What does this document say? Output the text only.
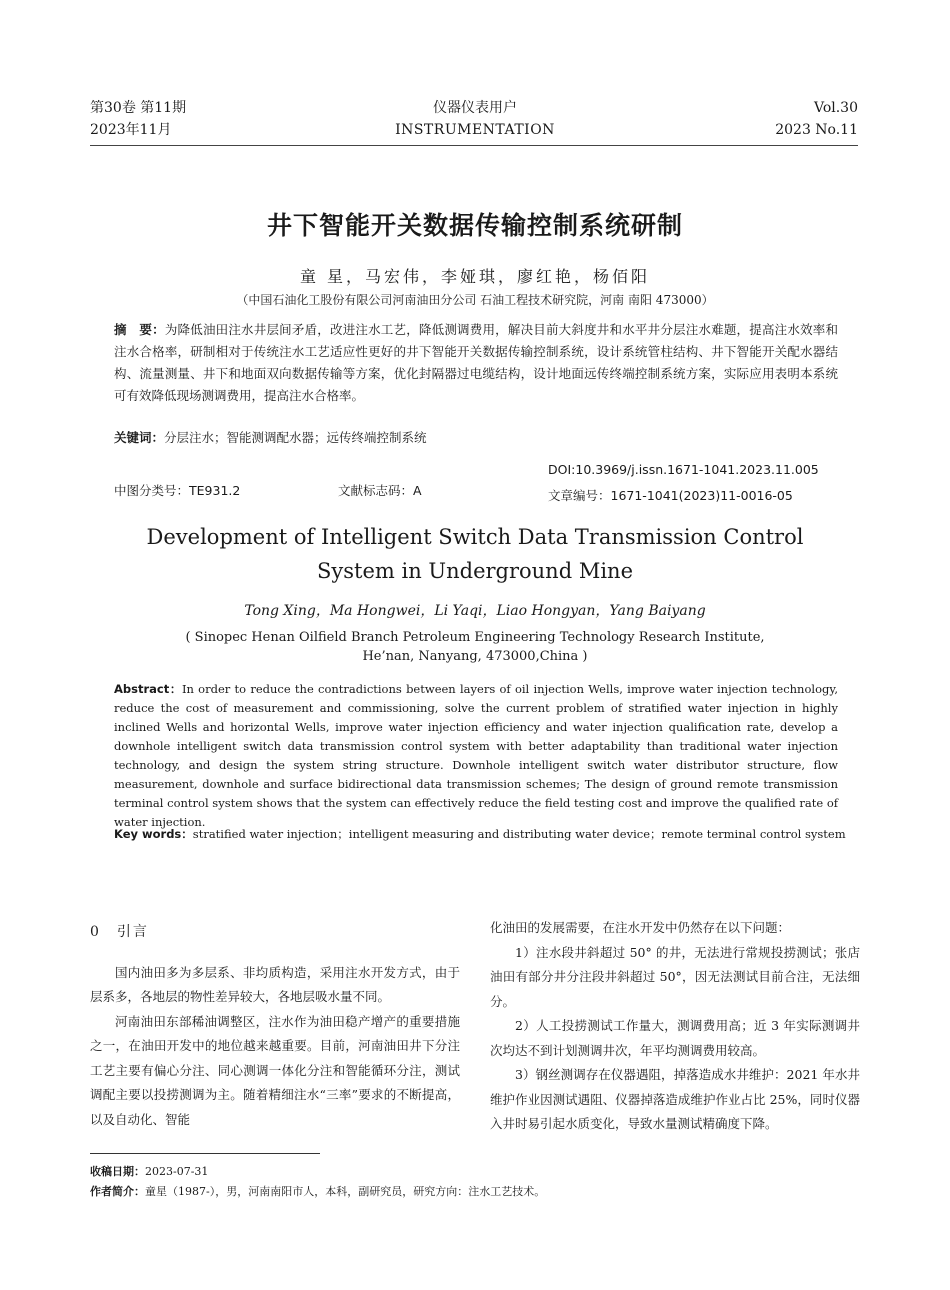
第30卷 第11期
2023年11月
仪器仪表用户
INSTRUMENTATION
Vol.30
2023 No.11
井下智能开关数据传输控制系统研制
童 星，马宏伟，李娅琪，廖红艳，杨佰阳
（中国石油化工股份有限公司河南油田分公司 石油工程技术研究院，河南 南阳 473000）
摘　要：为降低油田注水井层间矛盾，改进注水工艺，降低测调费用，解决目前大斜度井和水平井分层注水难题，提高注水效率和注水合格率，研制相对于传统注水工艺适应性更好的井下智能开关数据传输控制系统，设计系统管柱结构、井下智能开关配水器结构、流量测量、井下和地面双向数据传输等方案，优化封隔器过电缆结构，设计地面远传终端控制系统方案，实际应用表明本系统可有效降低现场测调费用，提高注水合格率。
关键词：分层注水；智能测调配水器；远传终端控制系统
中图分类号：TE931.2	文献标志码：A
DOI:10.3969/j.issn.1671-1041.2023.11.005
文章编号：1671-1041(2023)11-0016-05
Development of Intelligent Switch Data Transmission Control
System in Underground Mine
Tong Xing，Ma Hongwei，Li Yaqi，Liao Hongyan，Yang Baiyang
( Sinopec Henan Oilfield Branch Petroleum Engineering Technology Research Institute,
He’nan, Nanyang, 473000,China )
Abstract：In order to reduce the contradictions between layers of oil injection Wells, improve water injection technology, reduce the cost of measurement and commissioning, solve the current problem of stratified water injection in highly inclined Wells and horizontal Wells, improve water injection efficiency and water injection qualification rate, develop a downhole intelligent switch data transmission control system with better adaptability than traditional water injection technology, and design the system string structure. Downhole intelligent switch water distributor structure, flow measurement, downhole and surface bidirectional data transmission schemes; The design of ground remote transmission terminal control system shows that the system can effectively reduce the field testing cost and improve the qualified rate of water injection.
Key words：stratified water injection；intelligent measuring and distributing water device；remote terminal control system
0　引言

国内油田多为多层系、非均质构造，采用注水开发方式，由于层系多，各地层的物性差异较大，各地层吸水量不同。

河南油田东部稀油调整区，注水作为油田稳产增产的重要措施之一，在油田开发中的地位越来越重要。目前，河南油田井下分注工艺主要有偏心分注、同心测调一体化分注和智能循环分注，测试调配主要以投捞测调为主。随着精细注水“三率”要求的不断提高，以及自动化、智能

化油田的发展需要，在注水开发中仍然存在以下问题：

1）注水段井斜超过 50° 的井，无法进行常规投捞测试；张店油田有部分井分注段井斜超过 50°，因无法测试目前合注，无法细分。

2）人工投捞测试工作量大，测调费用高；近 3 年实际测调井次均达不到计划测调井次，年平均测调费用较高。

3）钢丝测调存在仪器遇阻，掉落造成水井维护：2021 年水井维护作业因测试遇阻、仪器掉落造成维护作业占比 25%，同时仪器入井时易引起水质变化，导致水量测试精确度下降。

收稿日期：2023-07-31
作者简介：童星（1987-），男，河南南阳市人，本科，副研究员，研究方向：注水工艺技术。
